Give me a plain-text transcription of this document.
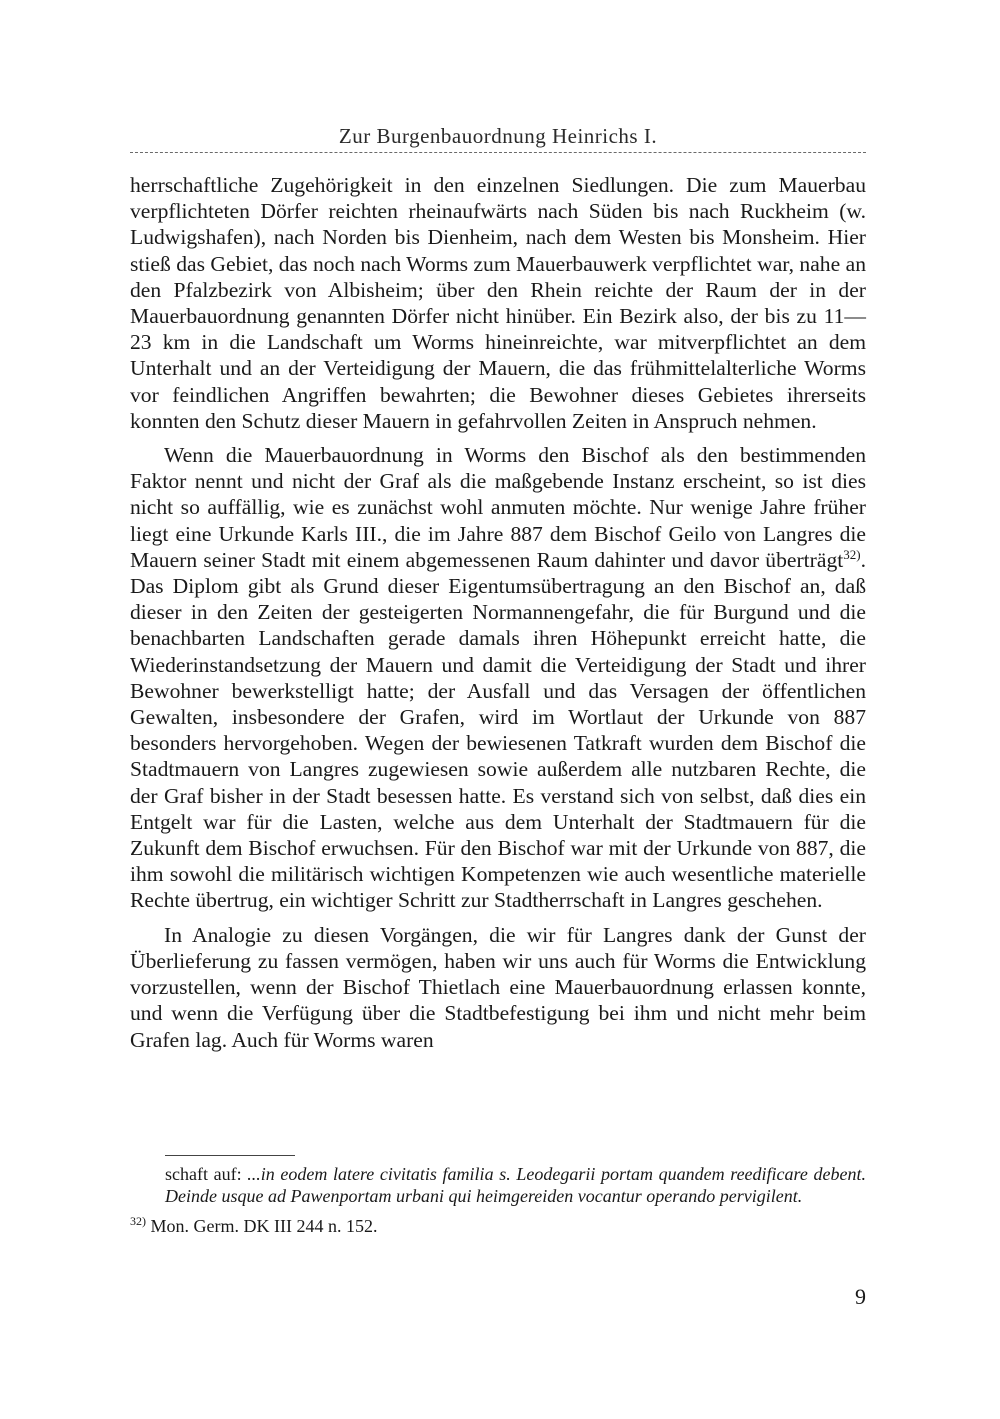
Zur Burgenbauordnung Heinrichs I.

herrschaftliche Zugehörigkeit in den einzelnen Siedlungen. Die zum Mauerbau verpflichteten Dörfer reichten rheinaufwärts nach Süden bis nach Ruckheim (w. Ludwigshafen), nach Norden bis Dienheim, nach dem Westen bis Monsheim. Hier stieß das Gebiet, das noch nach Worms zum Mauerbauwerk verpflichtet war, nahe an den Pfalzbezirk von Albisheim; über den Rhein reichte der Raum der in der Mauerbauordnung genannten Dörfer nicht hinüber. Ein Bezirk also, der bis zu 11—23 km in die Landschaft um Worms hineinreichte, war mitverpflichtet an dem Unterhalt und an der Verteidigung der Mauern, die das frühmittelalterliche Worms vor feindlichen Angriffen bewahrten; die Bewohner dieses Gebietes ihrerseits konnten den Schutz dieser Mauern in gefahrvollen Zeiten in Anspruch nehmen.

Wenn die Mauerbauordnung in Worms den Bischof als den bestimmenden Faktor nennt und nicht der Graf als die maßgebende Instanz erscheint, so ist dies nicht so auffällig, wie es zunächst wohl anmuten möchte. Nur wenige Jahre früher liegt eine Urkunde Karls III., die im Jahre 887 dem Bischof Geilo von Langres die Mauern seiner Stadt mit einem abgemessenen Raum dahinter und davor überträgt$^{32)}$. Das Diplom gibt als Grund dieser Eigentumsübertragung an den Bischof an, daß dieser in den Zeiten der gesteigerten Normannengefahr, die für Burgund und die benachbarten Landschaften gerade damals ihren Höhepunkt erreicht hatte, die Wiederinstandsetzung der Mauern und damit die Verteidigung der Stadt und ihrer Bewohner bewerkstelligt hatte; der Ausfall und das Versagen der öffentlichen Gewalten, insbesondere der Grafen, wird im Wortlaut der Urkunde von 887 besonders hervorgehoben. Wegen der bewiesenen Tatkraft wurden dem Bischof die Stadtmauern von Langres zugewiesen sowie außerdem alle nutzbaren Rechte, die der Graf bisher in der Stadt besessen hatte. Es verstand sich von selbst, daß dies ein Entgelt war für die Lasten, welche aus dem Unterhalt der Stadtmauern für die Zukunft dem Bischof erwuchsen. Für den Bischof war mit der Urkunde von 887, die ihm sowohl die militärisch wichtigen Kompetenzen wie auch wesentliche materielle Rechte übertrug, ein wichtiger Schritt zur Stadtherrschaft in Langres geschehen.

In Analogie zu diesen Vorgängen, die wir für Langres dank der Gunst der Überlieferung zu fassen vermögen, haben wir uns auch für Worms die Entwicklung vorzustellen, wenn der Bischof Thietlach eine Mauerbauordnung erlassen konnte, und wenn die Verfügung über die Stadtbefestigung bei ihm und nicht mehr beim Grafen lag. Auch für Worms waren

schaft auf: ...in eodem latere civitatis familia s. Leodegarii portam quandem reedificare debent. Deinde usque ad Pawenportam urbani qui heimgereiden vocantur operando pervigilent.

$^{32)}$ Mon. Germ. DK III 244 n. 152.

9
